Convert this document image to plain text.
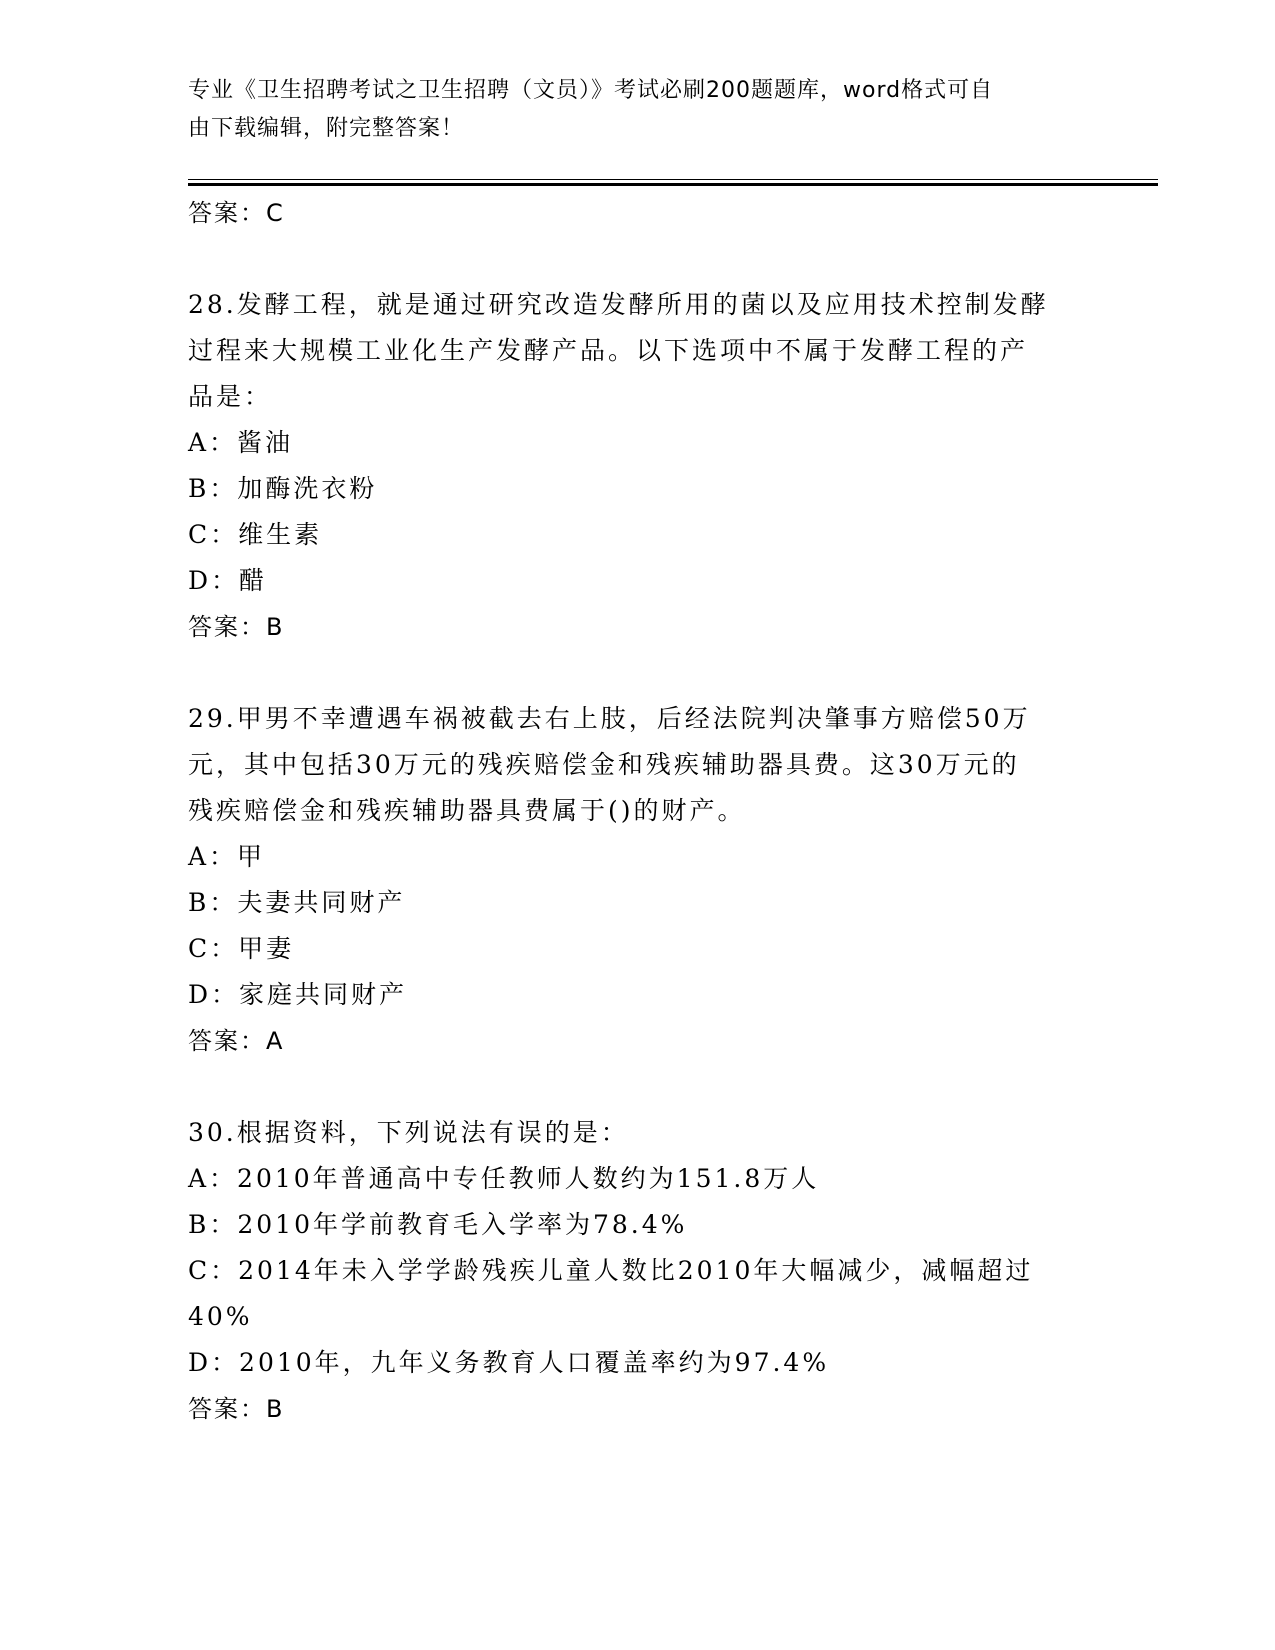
专业《卫生招聘考试之卫生招聘（文员）》考试必刷200题题库，word格式可自
由下载编辑，附完整答案！
答案：C
28.发酵工程，就是通过研究改造发酵所用的菌以及应用技术控制发酵
过程来大规模工业化生产发酵产品。以下选项中不属于发酵工程的产
品是：
A：酱油
B：加酶洗衣粉
C：维生素
D：醋
答案：B
29.甲男不幸遭遇车祸被截去右上肢，后经法院判决肇事方赔偿50万
元，其中包括30万元的残疾赔偿金和残疾辅助器具费。这30万元的
残疾赔偿金和残疾辅助器具费属于()的财产。
A：甲
B：夫妻共同财产
C：甲妻
D：家庭共同财产
答案：A
30.根据资料，下列说法有误的是：
A：2010年普通高中专任教师人数约为151.8万人
B：2010年学前教育毛入学率为78.4%
C：2014年未入学学龄残疾儿童人数比2010年大幅减少，减幅超过
40%
D：2010年，九年义务教育人口覆盖率约为97.4%
答案：B
